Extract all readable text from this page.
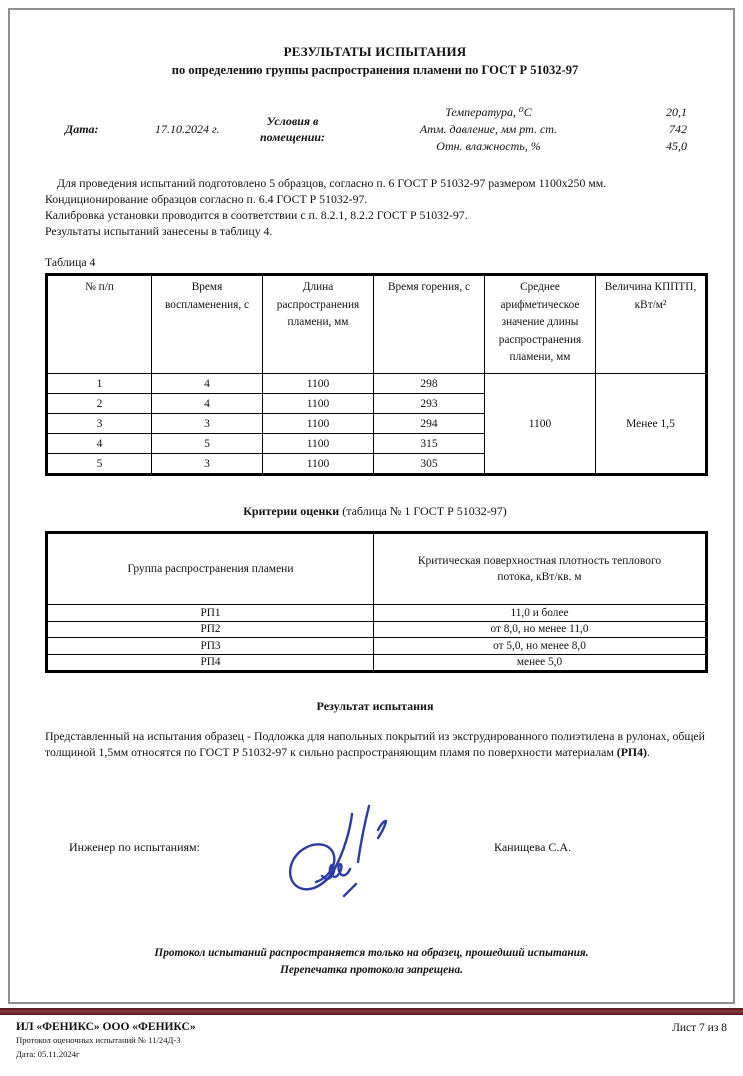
РЕЗУЛЬТАТЫ ИСПЫТАНИЯ
по определению группы распространения пламени по ГОСТ Р 51032-97
Дата:	17.10.2024 г.
Условия в
помещении:
Температура, ⁰С	20,1
Атм. давление, мм рт. ст.	742
Отн. влажность, %	45,0
Для проведения испытаний подготовлено 5 образцов, согласно п. 6 ГОСТ Р 51032-97 размером 1100х250 мм.
Кондиционирование образцов согласно п. 6.4 ГОСТ Р 51032-97.
Калибровка установки проводится в соответствии с п. 8.2.1, 8.2.2 ГОСТ Р 51032-97.
Результаты испытаний занесены в таблицу 4.
Таблица 4
№ п/п	Время воспламенения, с	Длина распространения пламени, мм	Время горения, с	Среднее арифметическое значение длины распространения пламени, мм	Величина КППТП, кВт/м²
1	4	1100	298	1100	Менее 1,5
2	4	1100	293		
3	3	1100	294		
4	5	1100	315		
5	3	1100	305		
Критерии оценки (таблица № 1 ГОСТ Р 51032-97)
Группа распространения пламени	Критическая поверхностная плотность теплового потока, кВт/кв. м
РП1	11,0 и более
РП2	от 8,0, но менее 11,0
РП3	от 5,0, но менее 8,0
РП4	менее 5,0
Результат испытания
Представленный на испытания образец - Подложка для напольных покрытий из экструдированного полиэтилена в рулонах, общей толщиной 1,5мм относятся по ГОСТ Р 51032-97 к сильно распространяющим пламя по поверхности материалам (РП4).
Инженер по испытаниям:	Канищева С.А.
Протокол испытаний распространяется только на образец, прошедший испытания.
Перепечатка протокола запрещена.
ИЛ «ФЕНИКС» ООО «ФЕНИКС»
Протокол оценочных испытаний № 11/24Д-3
Дата: 05.11.2024г
Лист 7 из 8
